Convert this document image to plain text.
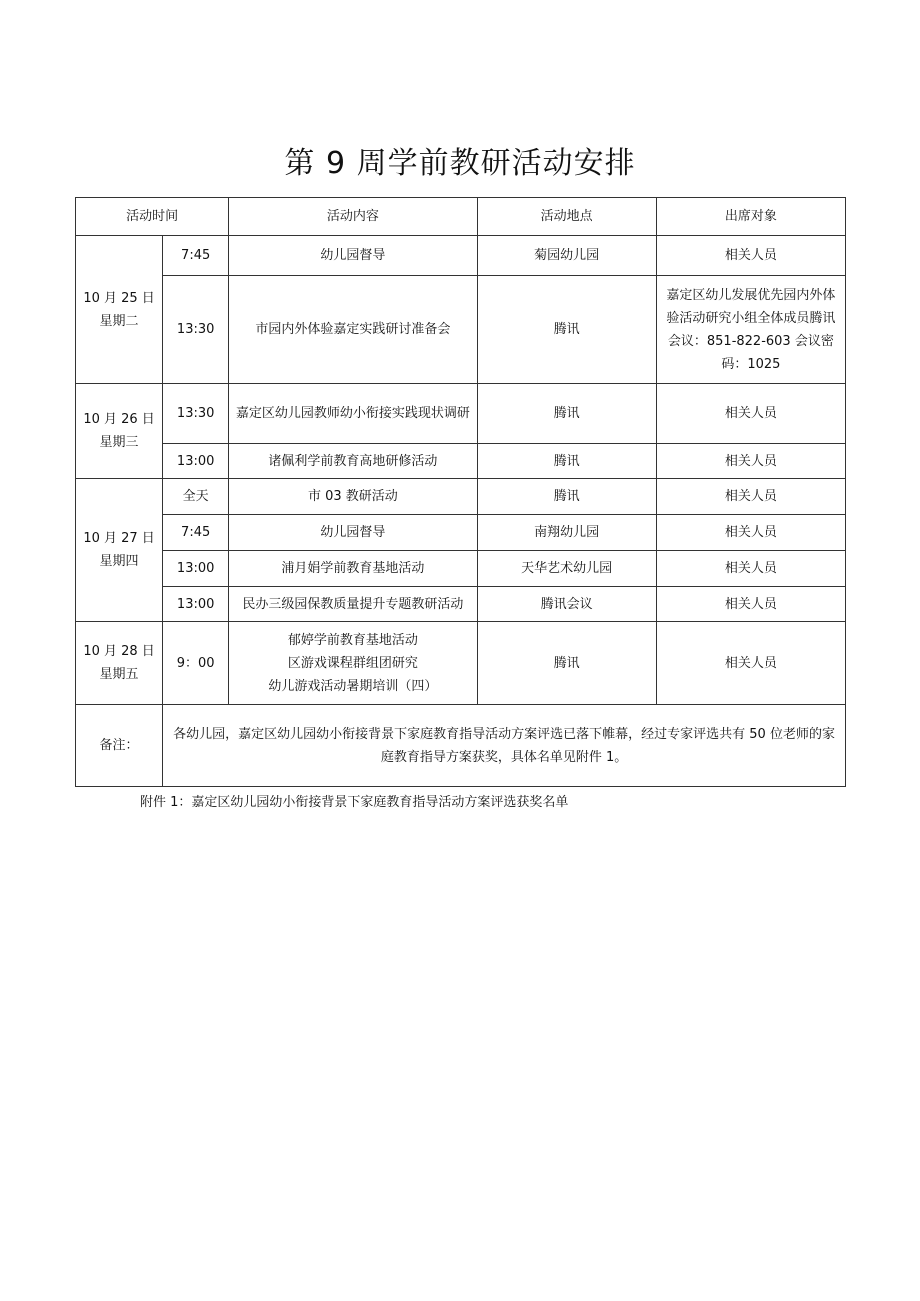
第 9 周学前教研活动安排
活动时间		活动内容	活动地点	出席对象
10 月 25 日星期二	7:45	幼儿园督导	菊园幼儿园	相关人员
	13:30	市园内外体验嘉定实践研讨准备会	腾讯	嘉定区幼儿发展优先园内外体验活动研究小组全体成员腾讯会议：851-822-603 会议密码：1025
10 月 26 日星期三	13:30	嘉定区幼儿园教师幼小衔接实践现状调研	腾讯	相关人员
	13:00	诸佩利学前教育高地研修活动	腾讯	相关人员
10 月 27 日星期四	全天	市 03 教研活动	腾讯	相关人员
	7:45	幼儿园督导	南翔幼儿园	相关人员
	13:00	浦月娟学前教育基地活动	天华艺术幼儿园	相关人员
	13:00	民办三级园保教质量提升专题教研活动	腾讯会议	相关人员
10 月 28 日星期五	9：00	郁婷学前教育基地活动
区游戏课程群组团研究
幼儿游戏活动暑期培训（四）	腾讯	相关人员
备注：	各幼儿园，嘉定区幼儿园幼小衔接背景下家庭教育指导活动方案评选已落下帷幕，经过专家评选共有 50 位老师的家庭教育指导方案获奖，具体名单见附件 1。			
附件 1：嘉定区幼儿园幼小衔接背景下家庭教育指导活动方案评选获奖名单
